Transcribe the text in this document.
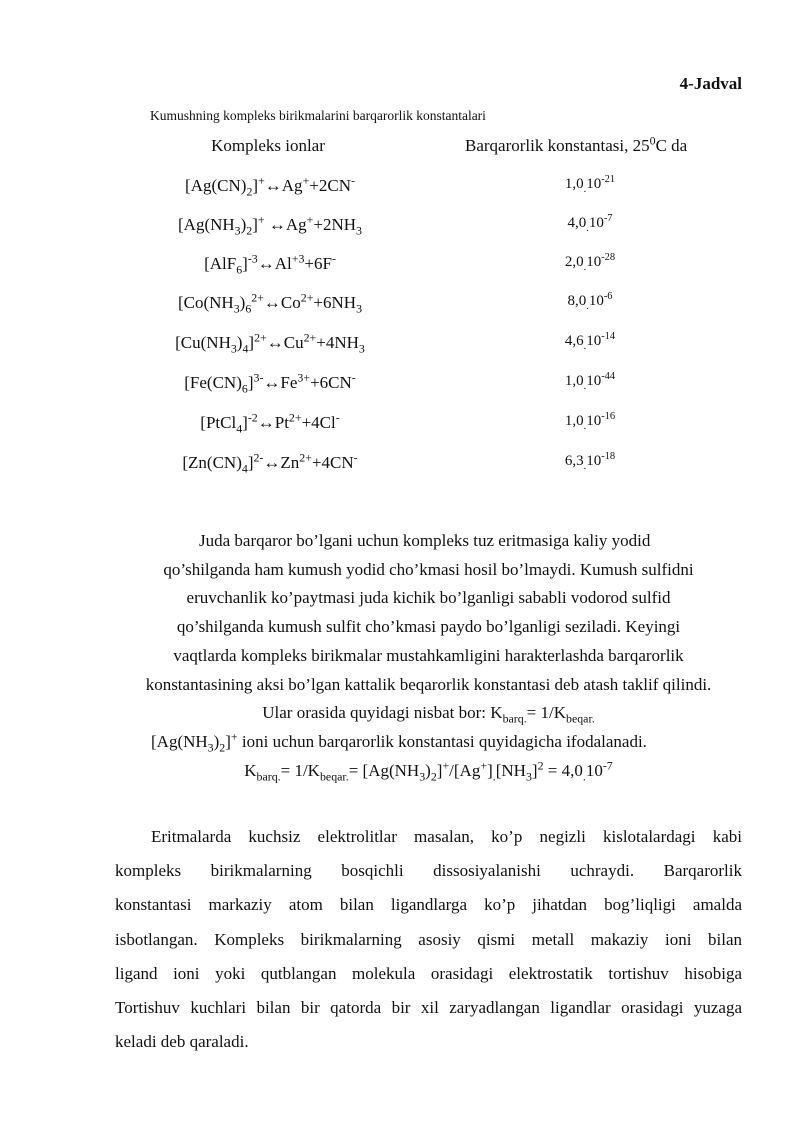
4-Jadval
Kumushning kompleks birikmalarini barqarorlik konstantalari
Kompleks ionlar	Barqarorlik konstantasi, $25^0C$ da
$[Ag(CN)_2]^+\leftrightarrow Ag^++2CN^-$	$1,0_.10^{-21}$
$[Ag(NH_3)_2]^+$ $\leftrightarrow Ag^++2NH_3$	$4,0_.10^{-7}$
$[AlF_6]^{-3}\leftrightarrow Al^{+3}+6F^-$	$2,0_.10^{-28}$
[$Co(NH_3)_6^{2+}\leftrightarrow Co^{2+}+6NH_3$	$8,0_.10^{-6}$
$[Cu(NH_3)_4]^{2+}\leftrightarrow Cu^{2+}+4NH_3$	$4,6_.10^{-14}$
$[Fe(CN)_6]^{3-}\leftrightarrow Fe^{3+}+6CN^-$	$1,0_.10^{-44}$
$[PtCl_4]^{-2}\leftrightarrow Pt^{2+}+4Cl^-$	$1,0_.10^{-16}$
$[Zn(CN)_4]^{2-}\leftrightarrow Zn^{2+}+4CN^-$	$6,3_.10^{-18}$
Juda barqaror bo’lgani uchun kompleks tuz eritmasiga kaliy yodid
qo’shilganda ham kumush yodid cho’kmasi hosil bo’lmaydi. Kumush sulfidni
eruvchanlik ko’paytmasi juda kichik bo’lganligi sababli vodorod sulfid
qo’shilganda kumush sulfit cho’kmasi paydo bo’lganligi seziladi. Keyingi
vaqtlarda kompleks birikmalar mustahkamligini harakterlashda barqarorlik
konstantasining aksi bo’lgan kattalik beqarorlik konstantasi deb atash taklif qilindi.
Ular orasida quyidagi nisbat bor: $K_{barq.}= 1/K_{beqar.}$
$[Ag(NH_3)_2]^+$ ioni uchun barqarorlik konstantasi quyidagicha ifodalanadi.
$K_{barq.}= 1/K_{beqar.}= [Ag(NH_3)_2]^+/[Ag^+]_.[NH_3]^2 = 4,0_.10^{-7}$
Eritmalarda kuchsiz elektrolitlar masalan, ko’p negizli kislotalardagi kabi
kompleks birikmalarning bosqichli dissosiyalanishi uchraydi. Barqarorlik
konstantasi markaziy atom bilan ligandlarga ko’p jihatdan bog’liqligi amalda
isbotlangan. Kompleks birikmalarning asosiy qismi metall makaziy ioni bilan
ligand ioni yoki qutblangan molekula orasidagi elektrostatik tortishuv hisobiga
Tortishuv kuchlari bilan bir qatorda bir xil zaryadlangan ligandlar orasidagi yuzaga
keladi deb qaraladi.
